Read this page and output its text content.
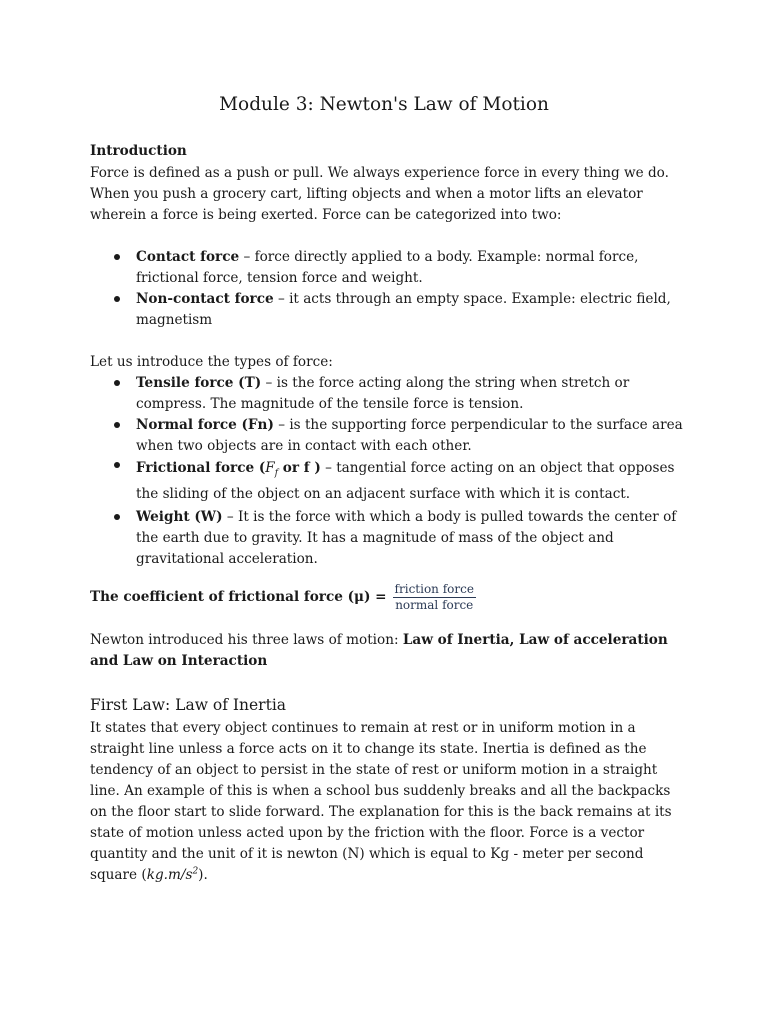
Module 3: Newton's Law of Motion
Introduction

Force is defined as a push or pull. We always experience force in every thing we do. When you push a grocery cart, lifting objects and when a motor lifts an elevator wherein a force is being exerted. Force can be categorized into two:

Contact force – force directly applied to a body. Example: normal force, frictional force, tension force and weight.
Non-contact force – it acts through an empty space. Example: electric field, magnetism

Let us introduce the types of force:

Tensile force (T) – is the force acting along the string when stretch or compress. The magnitude of the tensile force is tension.
Normal force (Fn) – is the supporting force perpendicular to the surface area when two objects are in contact with each other.
Frictional force ($F_f$ or f ) – tangential force acting on an object that opposes the sliding of the object on an adjacent surface with which it is contact.
Weight (W) – It is the force with which a body is pulled towards the center of the earth due to gravity. It has a magnitude of mass of the object and gravitational acceleration.
The coefficient of frictional force $(\mu) = \frac{\text{friction force}}{\text{normal force}}$

Newton introduced his three laws of motion: Law of Inertia, Law of acceleration and Law on Interaction

First Law: Law of Inertia

It states that every object continues to remain at rest or in uniform motion in a straight line unless a force acts on it to change its state. Inertia is defined as the tendency of an object to persist in the state of rest or uniform motion in a straight line. An example of this is when a school bus suddenly breaks and all the backpacks on the floor start to slide forward. The explanation for this is the back remains at its state of motion unless acted upon by the friction with the floor. Force is a vector quantity and the unit of it is newton (N) which is equal to Kg - meter per second square $(kg.m/s^2)$.
